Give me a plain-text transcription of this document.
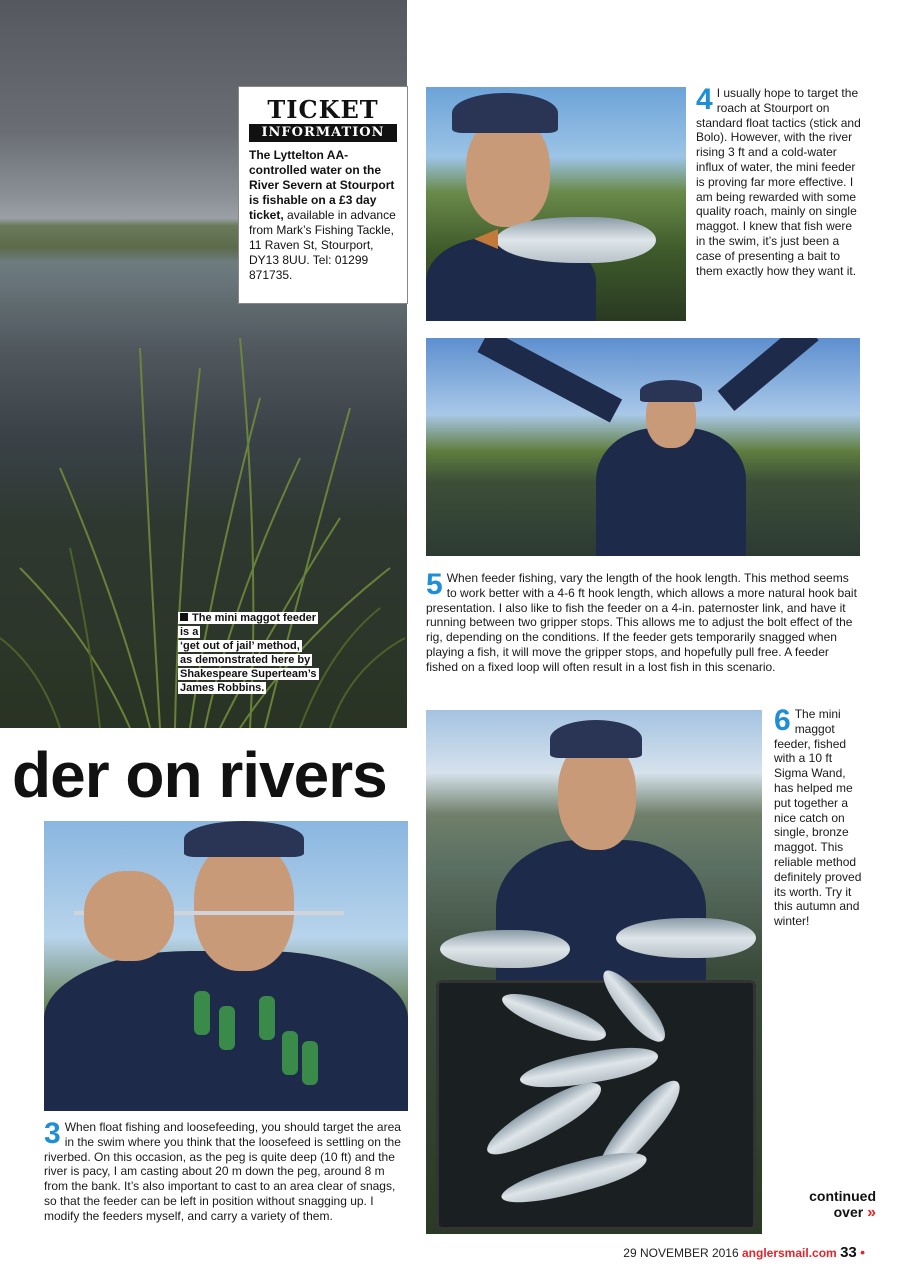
TICKET
INFORMATION
The Lyttelton AA-controlled water on the River Severn at Stourport is fishable on a £3 day ticket, available in advance from Mark’s Fishing Tackle, 11 Raven St, Stourport, DY13 8UU. Tel: 01299 871735.
The mini maggot feeder is a
‘get out of jail’ method,
as demonstrated here by
Shakespeare Superteam’s
James Robbins.
der on rivers
4 I usually hope to target the roach at Stourport on standard float tactics (stick and Bolo). However, with the river rising 3 ft and a cold-water influx of water, the mini feeder is proving far more effective. I am being rewarded with some quality roach, mainly on single maggot. I knew that fish were in the swim, it’s just been a case of presenting a bait to them exactly how they want it.
5 When feeder fishing, vary the length of the hook length. This method seems to work better with a 4-6 ft hook length, which allows a more natural hook bait presentation. I also like to fish the feeder on a 4-in. paternoster link, and have it running between two gripper stops. This allows me to adjust the bolt effect of the rig, depending on the conditions. If the feeder gets temporarily snagged when playing a fish, it will move the gripper stops, and hopefully pull free. A feeder fished on a fixed loop will often result in a lost fish in this scenario.
6 The mini maggot feeder, fished with a 10 ft Sigma Wand, has helped me put together a nice catch on single, bronze maggot. This reliable method definitely proved its worth. Try it this autumn and winter!
3 When float fishing and loosefeeding, you should target the area in the swim where you think that the loosefeed is settling on the riverbed. On this occasion, as the peg is quite deep (10 ft) and the river is pacy, I am casting about 20 m down the peg, around 8 m from the bank. It’s also important to cast to an area clear of snags, so that the feeder can be left in position without snagging up. I modify the feeders myself, and carry a variety of them.
continued
over »
29 NOVEMBER 2016 anglersmail.com 33 •
